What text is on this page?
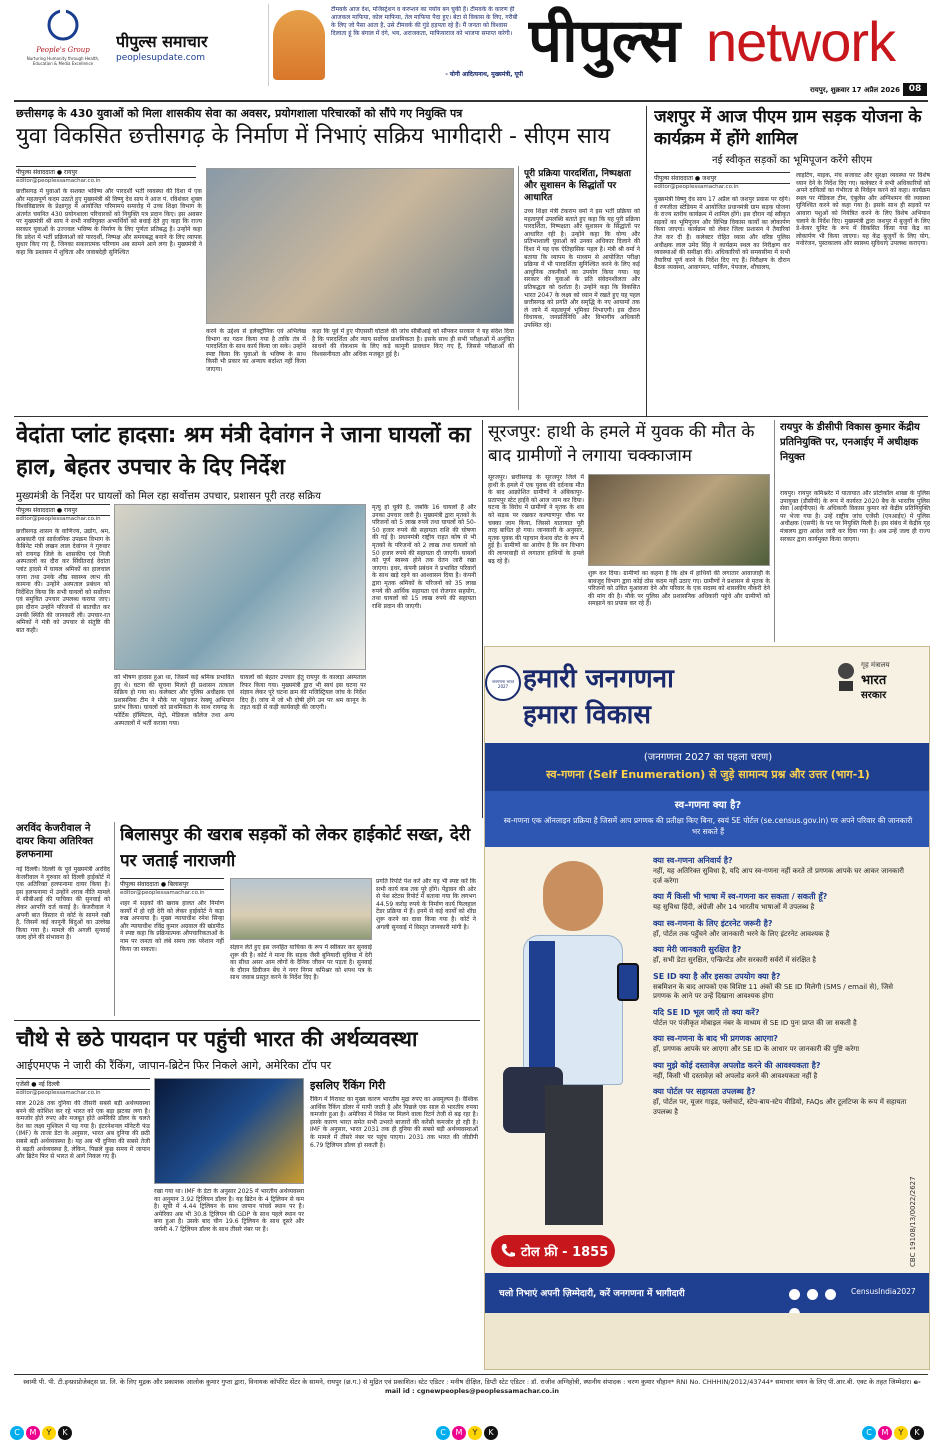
People's Group
Nurturing Humanity through Health, Education & Media Excellence
पीपुल्स समाचार
peoplesupdate.com
टीमवर्क आज देश, मजिस्ट्रेशन व करप्शन का पर्याय बन चुकी है। टीमवर्क के कारण ही आजकल माफिया, कोल माफिया, तेल माफिया पैदा हुए। बेटा से विकास के लिए, गरीबी के लिए जो पैसा आता है, उसे टीमवर्क की गुंडे हड़पता रहे हैं। मैं जनता को विश्वास दिलाता हूं कि बंगाल में दंगे, भय, अराजकता, माफियाराज को भाजपा समाप्त करेगी।
- योगी आदित्यनाथ, मुख्यमंत्री, यूपी पीपुल्स network
रायपुर, शुक्रवार 17 अप्रैल 2026 08
छत्तीसगढ़ के 430 युवाओं को मिला शासकीय सेवा का अवसर, प्रयोगशाला परिचारकों को सौंपे गए नियुक्ति पत्र
युवा विकसित छत्तीसगढ़ के निर्माण में निभाएं सक्रिय भागीदारी - सीएम साय
पीपुल्स संवाददाता ● रायपुर
editor@peoplessamachar.co.in
छत्तीसगढ़ में युवाओं के सशक्त भविष्य और पारदर्शी भर्ती व्यवस्था की दिशा में एक और महत्वपूर्ण कदम उठाते हुए मुख्यमंत्री श्री विष्णु देव साय ने आज पं. रविशंकर शुक्ल विश्वविद्यालय के प्रेक्षागृह में आयोजित गरिमामय समारोह में उच्च शिक्षा विभाग के अंतर्गत चयनित 430 प्रयोगशाला परिचारकों को नियुक्ति पत्र प्रदान किए। इस अवसर पर मुख्यमंत्री श्री साय ने सभी नवनियुक्त अभ्यर्थियों को बधाई देते हुए कहा कि राज्य सरकार युवाओं के उज्ज्वल भविष्य के निर्माण के लिए पूर्णतः प्रतिबद्ध है। उन्होंने कहा कि प्रदेश में भर्ती प्रक्रियाओं को पारदर्शी, निष्पक्ष और समयबद्ध बनाने के लिए व्यापक सुधार किए गए हैं, जिनका सकारात्मक परिणाम अब सामने आने लगा है। मुख्यमंत्री ने कहा कि प्रशासन में शुचिता और जवाबदेही सुनिश्चित
करने के उद्देश्य से इलेक्ट्रॉनिक एवं अभिलेख विभाग का गठन किया गया है ताकि तंत्र में पारदर्शिता के साथ कार्य किया जा सके। उन्होंने स्पष्ट किया कि युवाओं के भविष्य के साथ किसी भी प्रकार का अन्याय बर्दाश्त नहीं किया जाएगा।
कहा कि पूर्व में हुए पीएससी घोटाले की जांच सीबीआई को सौंपकर सरकार ने यह संदेश दिया है कि पारदर्शिता और न्याय सर्वोच्च प्राथमिकता है। इसके साथ ही सभी परीक्षाओं में अनुचित साधनों की रोकथाम के लिए कड़े कानूनी प्रावधान किए गए हैं, जिससे परीक्षाओं की विश्वसनीयता और अधिक मजबूत हुई है।
पूरी प्रक्रिया पारदर्शिता, निष्पक्षता और सुशासन के सिद्धांतों पर आधारित
उच्च शिक्षा मंत्री टंकराम वर्मा ने इस भर्ती प्रक्रिया को महत्वपूर्ण उपलब्धि बताते हुए कहा कि यह पूरी प्रक्रिया पारदर्शिता, निष्पक्षता और सुशासन के सिद्धांतों पर आधारित रही है। उन्होंने कहा कि योग्य और प्रतिभाशाली युवाओं को उनका अधिकार दिलाने की दिशा में यह एक ऐतिहासिक पहल है। मंत्री श्री वर्मा ने बताया कि व्यापम के माध्यम से आयोजित परीक्षा प्रक्रिया में भी पारदर्शिता सुनिश्चित करने के लिए कई आधुनिक तकनीकों का उपयोग किया गया। यह सरकार की युवाओं के प्रति संवेदनशीलता और प्रतिबद्धता को दर्शाता है। उन्होंने कहा कि विकसित भारत 2047 के लक्ष्य को ध्यान में रखते हुए यह पहल छत्तीसगढ़ को प्रगति और समृद्धि के नए आयामों तक ले जाने में महत्वपूर्ण भूमिका निभाएगी। इस दौरान विधायक, जनप्रतिनिधि और विभागीय अधिकारी उपस्थित रहे।
जशपुर में आज पीएम ग्राम सड़क योजना के कार्यक्रम में होंगे शामिल
नई स्वीकृत सड़कों का भूमिपूजन करेंगे सीएम
पीपुल्स संवाददाता ● जशपुर
editor@peoplessamachar.co.in
मुख्यमंत्री विष्णु देव साय 17 अप्रैल को जशपुर प्रवास पर रहेंगे। वे रणजीता स्टेडियम में आयोजित प्रधानमंत्री ग्राम सड़क योजना के राज्य स्तरीय कार्यक्रम में शामिल होंगे। इस दौरान नई स्वीकृत सड़कों का भूमिपूजन और विभिन्न विकास कार्यों का लोकार्पण किया जाएगा। कार्यक्रम को लेकर जिला प्रशासन ने तैयारियां तेज कर दी हैं। कलेक्टर रोहित व्यास और वरिष्ठ पुलिस अधीक्षक लाल उमेद सिंह ने कार्यक्रम स्थल का निरीक्षण कर व्यवस्थाओं की समीक्षा की। अधिकारियों को समयसीमा में सभी तैयारियां पूर्ण करने के निर्देश दिए गए हैं। निरीक्षण के दौरान बैठक व्यवस्था, आवागमन, पार्किंग, पेयजल, शौचालय,
लाइटिंग, माइक, मंच सजावट और सुरक्षा व्यवस्था पर विशेष ध्यान देने के निर्देश दिए गए। कलेक्टर ने सभी अधिकारियों को अपने दायित्वों का गंभीरता से निर्वहन करने को कहा। कार्यक्रम स्थल पर मेडिकल टीम, एंबुलेंस और अग्निशमन की व्यवस्था सुनिश्चित करने को कहा गया है। इसके साथ ही सड़कों पर आवारा पशुओं को नियंत्रित करने के लिए विशेष अभियान चलाने के निर्देश दिए। मुख्यमंत्री द्वारा जशपुर में बुजुर्गों के लिए डे-केयर यूनिट के रूप में विकसित किया गया केंद्र का लोकार्पण भी किया जाएगा। यह केंद्र बुजुर्गों के लिए योग, मनोरंजन, पुस्तकालय और स्वास्थ्य सुविधाएं उपलब्ध कराएगा।
वेदांता प्लांट हादसा: श्रम मंत्री देवांगन ने जाना घायलों का हाल, बेहतर उपचार के दिए निर्देश
मुख्यमंत्री के निर्देश पर घायलों को मिल रहा सर्वोत्तम उपचार, प्रशासन पूरी तरह सक्रिय
पीपुल्स संवाददाता ● रायपुर
editor@peoplessamachar.co.in
छत्तीसगढ़ शासन के वाणिज्य, उद्योग, श्रम, आबकारी एवं सार्वजनिक उपक्रम विभाग के कैबिनेट मंत्री लखन लाल देवांगन ने गुरुवार को रायगढ़ जिले के शासकीय एवं निजी अस्पतालों का दौरा कर सिंघीतराई वेदांता प्लांट हादसे में घायल श्रमिकों का हालचाल जाना तथा उनके शीघ्र स्वास्थ्य लाभ की कामना की। उन्होंने अस्पताल प्रबंधन को निर्देशित किया कि सभी घायलों को सर्वोत्तम एवं समुचित उपचार उपलब्ध कराया जाए। इस दौरान उन्होंने परिजनों से बातचीत कर उनकी स्थिति की जानकारी ली। उपचार-रत श्रमिकों ने मंत्री को उपचार से संतुष्टि की बात कही।
को भीषण हादसा हुआ था, जिसमें कई श्रमिक प्रभावित हुए थे। घटना की सूचना मिलते ही प्रशासन तत्काल सक्रिय हो गया था। कलेक्टर और पुलिस अधीक्षक एवं प्रशासनिक टीम ने मौके पर पहुंचकर रेस्क्यू अभियान प्रारंभ किया। घायलों को प्राथमिकता के साथ रायगढ़ के फोर्टिस हॉस्पिटल, मेट्रो, मेडिकल कॉलेज तथा अन्य अस्पतालों में भर्ती कराया गया।
घायलों को बेहतर उपचार हेतु रायपुर के कालड़ा अस्पताल रिफर किया गया। मुख्यमंत्री द्वारा भी स्वयं इस घटना पर संज्ञान लेकर पूरे घटना क्रम की मजिस्ट्रियल जांच के निर्देश दिए हैं। जांच में जो भी दोषी होंगे उन पर श्रम कानून के तहत कड़ी से कड़ी कार्यवाही की जाएगी।
मृत्यु हो चुकी है, जबकि 16 घायलों हैं और उनका उपचार जारी है। मुख्यमंत्री द्वारा मृतकों के परिजनों को 5 लाख रुपये तथा घायलों को 50-50 हजार रुपये की सहायता राशि की घोषणा की गई है। प्रधानमंत्री राष्ट्रीय राहत कोष से भी मृतकों के परिजनों को 2 लाख तथा घायलों को 50 हजार रुपये की सहायता दी जाएगी। घायलों को पूर्ण स्वस्थ्य होने तक वेतन जारी रखा जाएगा। इधर, कंपनी प्रबंधन ने प्रभावित परिवारों के साथ खड़े रहने का आश्वासन दिया है। कंपनी द्वारा मृतक श्रमिकों के परिजनों को 35 लाख रुपये की आर्थिक सहायता एवं रोजगार सहयोग, तथा घायलों को 15 लाख रुपये की सहायता राशि प्रदान की जाएगी।
सूरजपुर: हाथी के हमले में युवक की मौत के बाद ग्रामीणों ने लगाया चक्काजाम
सूरजपुर। छत्तीसगढ़ के सूरजपुर जिले में हाथी के हमले में एक युवक की दर्दनाक मौत के बाद आक्रोशित ग्रामीणों ने अंबिकापुर-प्रतापपुर स्टेट हाईवे को आज जाम कर दिया। घटना के विरोध में ग्रामीणों ने मृतक के शव को सड़क पर रखकर कल्याणपुर चौक पर चक्का जाम किया, जिससे यातायात पूरी तरह बाधित हो गया। जानकारी के अनुसार, मृतक युवक की पहचान केशव वोट के रूप में हुई है। ग्रामीणों का आरोप है कि वन विभाग की लापरवाही से लगातार हाथियों के हमले बढ़ रहे हैं।
शुरू कर दिया। ग्रामीणों का कहना है कि क्षेत्र में हाथियों की लगातार आवाजाही के बावजूद विभाग द्वारा कोई ठोस कदम नहीं उठाए गए। ग्रामीणों ने प्रशासन से मृतक के परिजनों को उचित मुआवजा देने और परिवार के एक सदस्य को शासकीय नौकरी देने की मांग की है। मौके पर पुलिस और प्रशासनिक अधिकारी पहुंचे और ग्रामीणों को समझाने का प्रयास कर रहे हैं।
रायपुर के डीसीपी विकास कुमार केंद्रीय प्रतिनियुक्ति पर, एनआईए में अधीक्षक नियुक्त
रायपुर। रायपुर कमिश्नरेट में यातायात और प्रोटोकॉल शाखा के पुलिस उपायुक्त (डीसीपी) के रूप में कार्यरत 2020 बैच के भारतीय पुलिस सेवा (आईपीएस) के अधिकारी विकास कुमार को केंद्रीय प्रतिनियुक्ति पर भेजा गया है। उन्हें राष्ट्रीय जांच एजेंसी (एनआईए) में पुलिस अधीक्षक (एसपी) के पद पर नियुक्ति मिली है। इस संबंध में केंद्रीय गृह मंत्रालय द्वारा आदेश जारी कर दिया गया है। अब उन्हें जल्द ही राज्य सरकार द्वारा कार्यमुक्त किया जाएगा।
हमारी जनगणना
हमारा विकास
जनगणना भारत 2027
गृह मंत्रालय
भारत
सरकार
(जनगणना 2027 का पहला चरण)
स्व-गणना (Self Enumeration) से जुड़े सामान्य प्रश्न और उत्तर (भाग-1)
स्व-गणना क्या है?
स्व-गणना एक ऑनलाइन प्रक्रिया है जिसमें आप प्रगणक की प्रतीक्षा किए बिना, स्वयं SE पोर्टल (se.census.gov.in) पर अपने परिवार की जानकारी भर सकते हैं
क्या स्व-गणना अनिवार्य है?
नहीं, यह अतिरिक्त सुविधा है, यदि आप स्व-गणना नहीं करते तो प्रगणक आपके घर आकर जानकारी दर्ज करेगा
क्या मैं किसी भी भाषा में स्व-गणना कर सकता / सकती हूँ?
यह सुविधा हिंदी, अंग्रेजी और 14 भारतीय भाषाओं में उपलब्ध है
क्या स्व-गणना के लिए इंटरनेट जरूरी है?
हाँ, पोर्टल तक पहुँचने और जानकारी भरने के लिए इंटरनेट आवश्यक है
क्या मेरी जानकारी सुरक्षित है?
हाँ, सभी डेटा सुरक्षित, एन्क्रिप्टेड और सरकारी सर्वरों में संरक्षित है
SE ID क्या है और इसका उपयोग क्या है?
सबमिशन के बाद आपको एक विशिष्ट 11 अंकों की SE ID मिलेगी (SMS / email से), जिसे प्रगणक के आने पर उन्हें दिखाना आवश्यक होगा
यदि SE ID भूल जाएँ तो क्या करें?
पोर्टल पर पंजीकृत मोबाइल नंबर के माध्यम से SE ID पुनः प्राप्त की जा सकती है
क्या स्व-गणना के बाद भी प्रगणक आएगा?
हाँ, प्रगणक आपके घर आएगा और SE ID के आधार पर जानकारी की पुष्टि करेगा
क्या मुझे कोई दस्तावेज़ अपलोड करने की आवश्यकता है?
नहीं, किसी भी दस्तावेज़ को अपलोड करने की आवश्यकता नहीं है
क्या पोर्टल पर सहायता उपलब्ध है?
हाँ, पोर्टल पर, यूजर गाइड, फ्लोचार्ट, स्टेप-बाय-स्टेप वीडियो, FAQs और टूलटिप्स के रूप में सहायता उपलब्ध है
CBC 19108/13/0022/2627
टोल फ्री - 1855
चलो निभाएं अपनी ज़िम्मेदारी, करें जनगणना में भागीदारी
	CensusIndia2027
अरविंद केजरीवाल ने दायर किया अतिरिक्त हलफनामा
नई दिल्ली। दिल्ली के पूर्व मुख्यमंत्री अरविंद केजरीवाल ने गुरुवार को दिल्ली हाईकोर्ट में एक अतिरिक्त हलफनामा दायर किया है। इस हलफनामा में उन्होंने शराब नीति मामले में सीबीआई की याचिका की सुनवाई को लेकर आपत्ति दर्ज कराई है। केजरीवाल ने अपनी बात विस्तार से कोर्ट के सामने रखी है, जिसमें कई कानूनी बिंदुओं का उल्लेख किया गया है। मामले की अगली सुनवाई जल्द होने की संभावना है।
बिलासपुर की खराब सड़कों को लेकर हाईकोर्ट सख्त, देरी पर जताई नाराजगी
पीपुल्स संवाददाता ● बिलासपुर
editor@peoplessamachar.co.in
शहर में सड़कों की खराब हालत और निर्माण कार्यों में हो रही देरी को लेकर हाईकोर्ट ने कड़ा रुख अपनाया है। मुख्य न्यायाधीश रमेश सिन्हा और न्यायाधीश रविंद्र कुमार अग्रवाल की खंडपीठ ने स्पष्ट कहा कि प्रक्रियात्मक औपचारिकताओं के नाम पर जनता को लंबे समय तक परेशान नहीं किया जा सकता।	संज्ञान लेते हुए इस जनहित याचिका के रूप में स्वीकार कर सुनवाई शुरू की है। कोर्ट ने माना कि सड़क जैसी बुनियादी सुविधा में देरी का सीधा असर आम लोगों के दैनिक जीवन पर पड़ता है। सुनवाई के दौरान डिवीजन बेंच ने नगर निगम कमिश्नर को शपथ पत्र के साथ जवाब प्रस्तुत करने के निर्देश दिए हैं।
प्रगति रिपोर्ट पेश करें और यह भी स्पष्ट करें कि सभी कार्य कब तक पूरे होंगे। पेंड्रावन की ओर से पेश स्टेटस रिपोर्ट में बताया गया कि लगभग 44.59 करोड़ रुपये के निर्माण कार्य फिलहाल टेंडर प्रक्रिया में हैं। इनमें से कई कार्यों को शीघ्र शुरू करने का दावा किया गया है। कोर्ट ने अगली सुनवाई में विस्तृत जानकारी मांगी है।
चौथे से छठे पायदान पर पहुंची भारत की अर्थव्यवस्था
आईएमएफ ने जारी की रैंकिंग, जापान-ब्रिटेन फिर निकले आगे, अमेरिका टॉप पर
एजेंसी ● नई दिल्ली
editor@peoplessamachar.co.in
साल 2028 तक दुनिया की तीसरी सबसे बड़ी अर्थव्यवस्था बनने की कोशिश कर रहे भारत को एक बड़ा झटका लगा है। कमजोर होते रुपए और मजबूत होते अमेरिकी डॉलर के चलते देश का लक्ष्य मुश्किल में पड़ गया है। इंटरनेशनल मॉनेटरी फंड (IMF) के ताजा डेटा के अनुसार, भारत अब दुनिया की छठी सबसे बड़ी अर्थव्यवस्था है। यह अब भी दुनिया की सबसे तेजी से बढ़ती अर्थव्यवस्था है, लेकिन, पिछले कुछ समय में जापान और ब्रिटेन फिर से भारत से आगे निकल गए हैं।
रखा गया था। IMF के डेटा के अनुसार 2025 में भारतीय अर्थव्यवस्था का अनुमान 3.92 ट्रिलियन डॉलर है। यह ब्रिटेन के 4 ट्रिलियन से कम है। सूची में 4.44 ट्रिलियन के साथ जापान पांचवें स्थान पर है। अमेरिका अब भी 30.8 ट्रिलियन की GDP के साथ पहले स्थान पर बना हुआ है। उसके बाद चीन 19.6 ट्रिलियन के साथ दूसरे और जर्मनी 4.7 ट्रिलियन डॉलर के साथ तीसरे नंबर पर है।
इसलिए रैंकिंग गिरी
रैंकिंग में गिरावट का मुख्य कारण भारतीय मुद्रा रुपए का अवमूल्यन है। वैश्विक आर्थिक रैंकिंग डॉलर में मापी जाती है और पिछले एक साल से भारतीय रुपया कमजोर हुआ है। अमेरिका में निवेश पर मिलने वाला रिटर्न तेजी से बढ़ रहा है। इसके कारण भारत समेत सभी उभरते बाजारों की करेंसी कमजोर हो रही है। IMF के अनुसार, भारत 2031 तक ही दुनिया की सबसे बड़ी अर्थव्यवस्थाओं के मामले में तीसरे नंबर पर पहुंच पाएगा। 2031 तक भारत की जीडीपी 6.79 ट्रिलियन डॉलर हो सकती है।
स्वामी पी. पी. टी.इन्फ्राप्रोजेक्ट्स प्रा. लि. के लिए मुद्रक और प्रकाशक आलोक कुमार गुप्ता द्वारा, विनायक कॉर्पोरेट सेंटर के सामने, रायपुर (छ.ग.) से मुद्रित एवं प्रकाशित। स्टेट एडिटर : मनीष दीक्षित, डिप्टी स्टेट एडिटर : डॉ. राजीव अग्निहोत्री, स्थानीय संपादक : चरण कुमार चौहान* RNI No. CHHHIN/2012/43744* समाचार चयन के लिए पी.आर.बी. एक्ट के तहत जिम्मेदार। e-mail id : cgnewpeoples@peoplessamachar.co.in
C M Y K	C M Y K	C M Y K
